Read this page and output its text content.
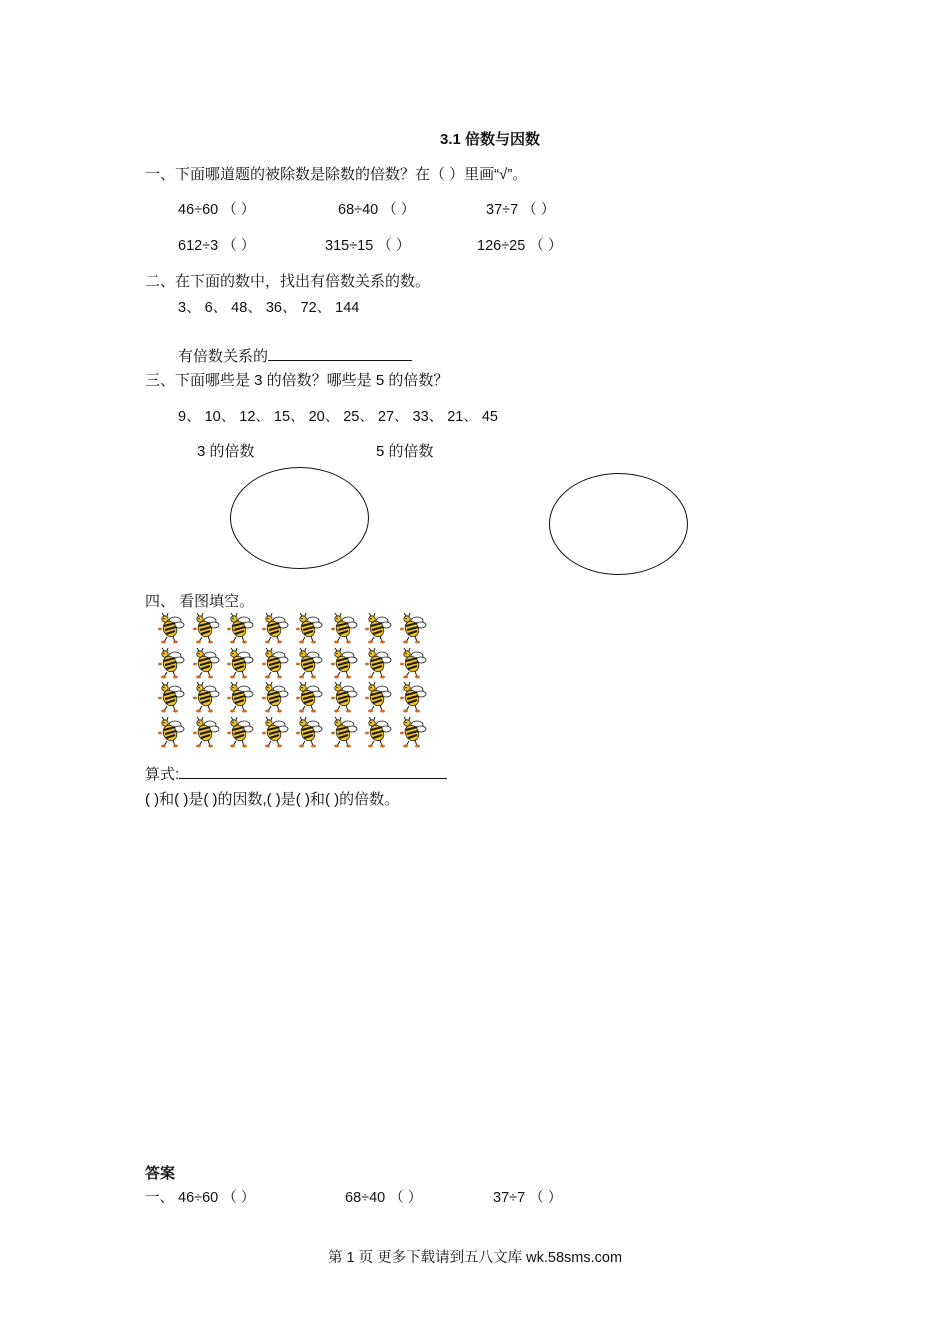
3.1 倍数与因数
一、下面哪道题的被除数是除数的倍数？在（ ）里画“√”。
46÷60 （ ）	68÷40 （ ）	37÷7 （ ）
612÷3 （ ）	315÷15 （ ）	126÷25 （ ）
二、在下面的数中，找出有倍数关系的数。
3、 6、 48、 36、 72、 144
有倍数关系的
三、下面哪些是 3 的倍数？哪些是 5 的倍数？
9、 10、 12、 15、 20、 25、 27、 33、 21、 45
3 的倍数	5 的倍数
四、 看图填空。
算式:
( )和( )是( )的因数,( )是( )和( )的倍数。
答案
一、 46÷60 （ ）	68÷40 （ ）	37÷7 （ ）
第 1 页 更多下载请到五八文库 wk.58sms.com
